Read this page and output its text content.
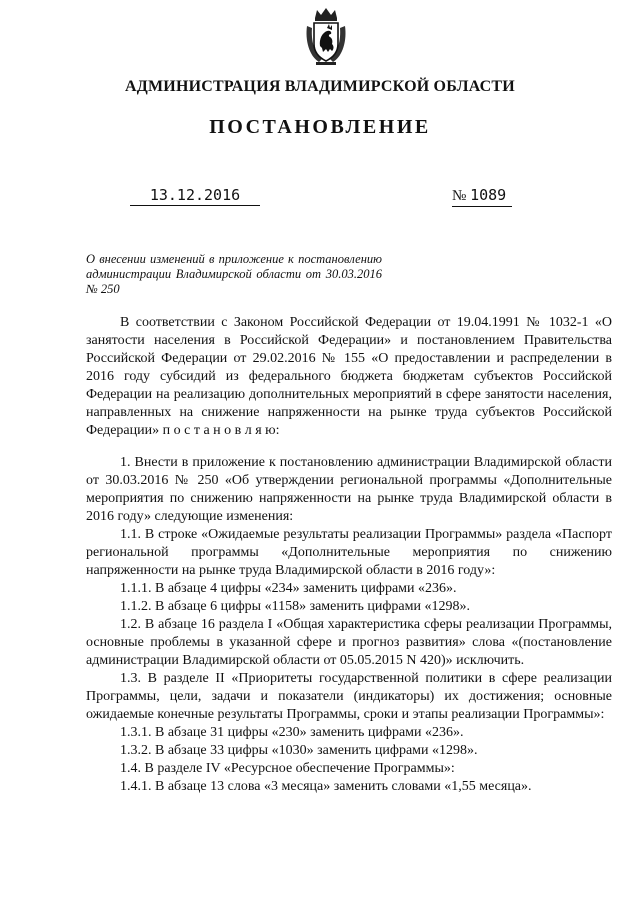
АДМИНИСТРАЦИЯ ВЛАДИМИРСКОЙ ОБЛАСТИ
ПОСТАНОВЛЕНИЕ
13.12.2016	№ 1089
О внесении изменений в приложение к постановлению администрации Владимирской области от 30.03.2016 № 250

В соответствии с Законом Российской Федерации от 19.04.1991 № 1032-1 «О занятости населения в Российской Федерации» и постановлением Правительства Российской Федерации от 29.02.2016 № 155 «О предоставлении и распределении в 2016 году субсидий из федерального бюджета бюджетам субъектов Российской Федерации на реализацию дополнительных мероприятий в сфере занятости населения, направленных на снижение напряженности на рынке труда субъектов Российской Федерации» п о с т а н о в л я ю:

1. Внести в приложение к постановлению администрации Владимирской области от 30.03.2016 № 250 «Об утверждении региональной программы «Дополнительные мероприятия по снижению напряженности на рынке труда Владимирской области в 2016 году» следующие изменения:

1.1. В строке «Ожидаемые результаты реализации Программы» раздела «Паспорт региональной программы «Дополнительные мероприятия по снижению напряженности на рынке труда Владимирской области в 2016 году»:

1.1.1. В абзаце 4 цифры «234» заменить цифрами «236».

1.1.2. В абзаце 6 цифры «1158» заменить цифрами «1298».

1.2. В абзаце 16 раздела I «Общая характеристика сферы реализации Программы, основные проблемы в указанной сфере и прогноз развития» слова «(постановление администрации Владимирской области от 05.05.2015 N 420)» исключить.

1.3. В разделе II «Приоритеты государственной политики в сфере реализации Программы, цели, задачи и показатели (индикаторы) их достижения; основные ожидаемые конечные результаты Программы, сроки и этапы реализации Программы»:

1.3.1. В абзаце 31 цифры «230» заменить цифрами «236».

1.3.2. В абзаце 33 цифры «1030» заменить цифрами «1298».

1.4. В разделе IV «Ресурсное обеспечение Программы»:

1.4.1. В абзаце 13 слова «3 месяца» заменить словами «1,55 месяца».
